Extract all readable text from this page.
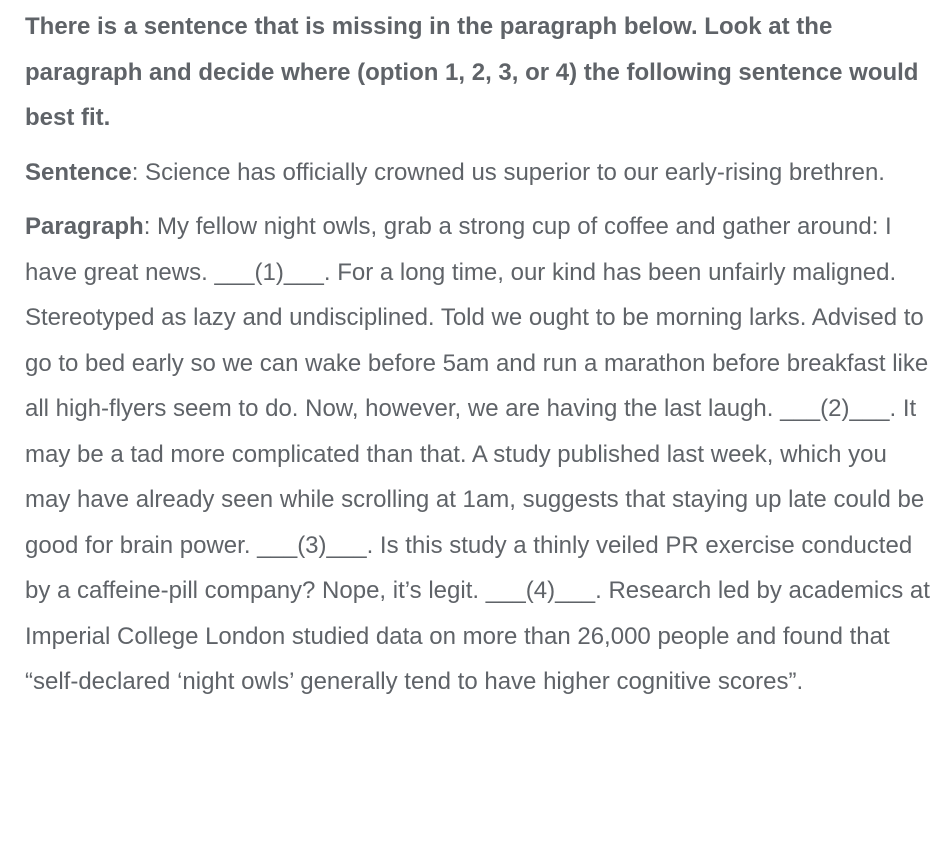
There is a sentence that is missing in the paragraph below. Look at the paragraph and decide where (option 1, 2, 3, or 4) the following sentence would best fit.

Sentence: Science has officially crowned us superior to our early-rising brethren.

Paragraph: My fellow night owls, grab a strong cup of coffee and gather around: I have great news. ___(1)___. For a long time, our kind has been unfairly maligned. Stereotyped as lazy and undisciplined. Told we ought to be morning larks. Advised to go to bed early so we can wake before 5am and run a marathon before breakfast like all high-flyers seem to do. Now, however, we are having the last laugh. ___(2)___. It may be a tad more complicated than that. A study published last week, which you may have already seen while scrolling at 1am, suggests that staying up late could be good for brain power. ___(3)___. Is this study a thinly veiled PR exercise conducted by a caffeine-pill company? Nope, it’s legit. ___(4)___. Research led by academics at Imperial College London studied data on more than 26,000 people and found that “self-declared ‘night owls’ generally tend to have higher cognitive scores”.
